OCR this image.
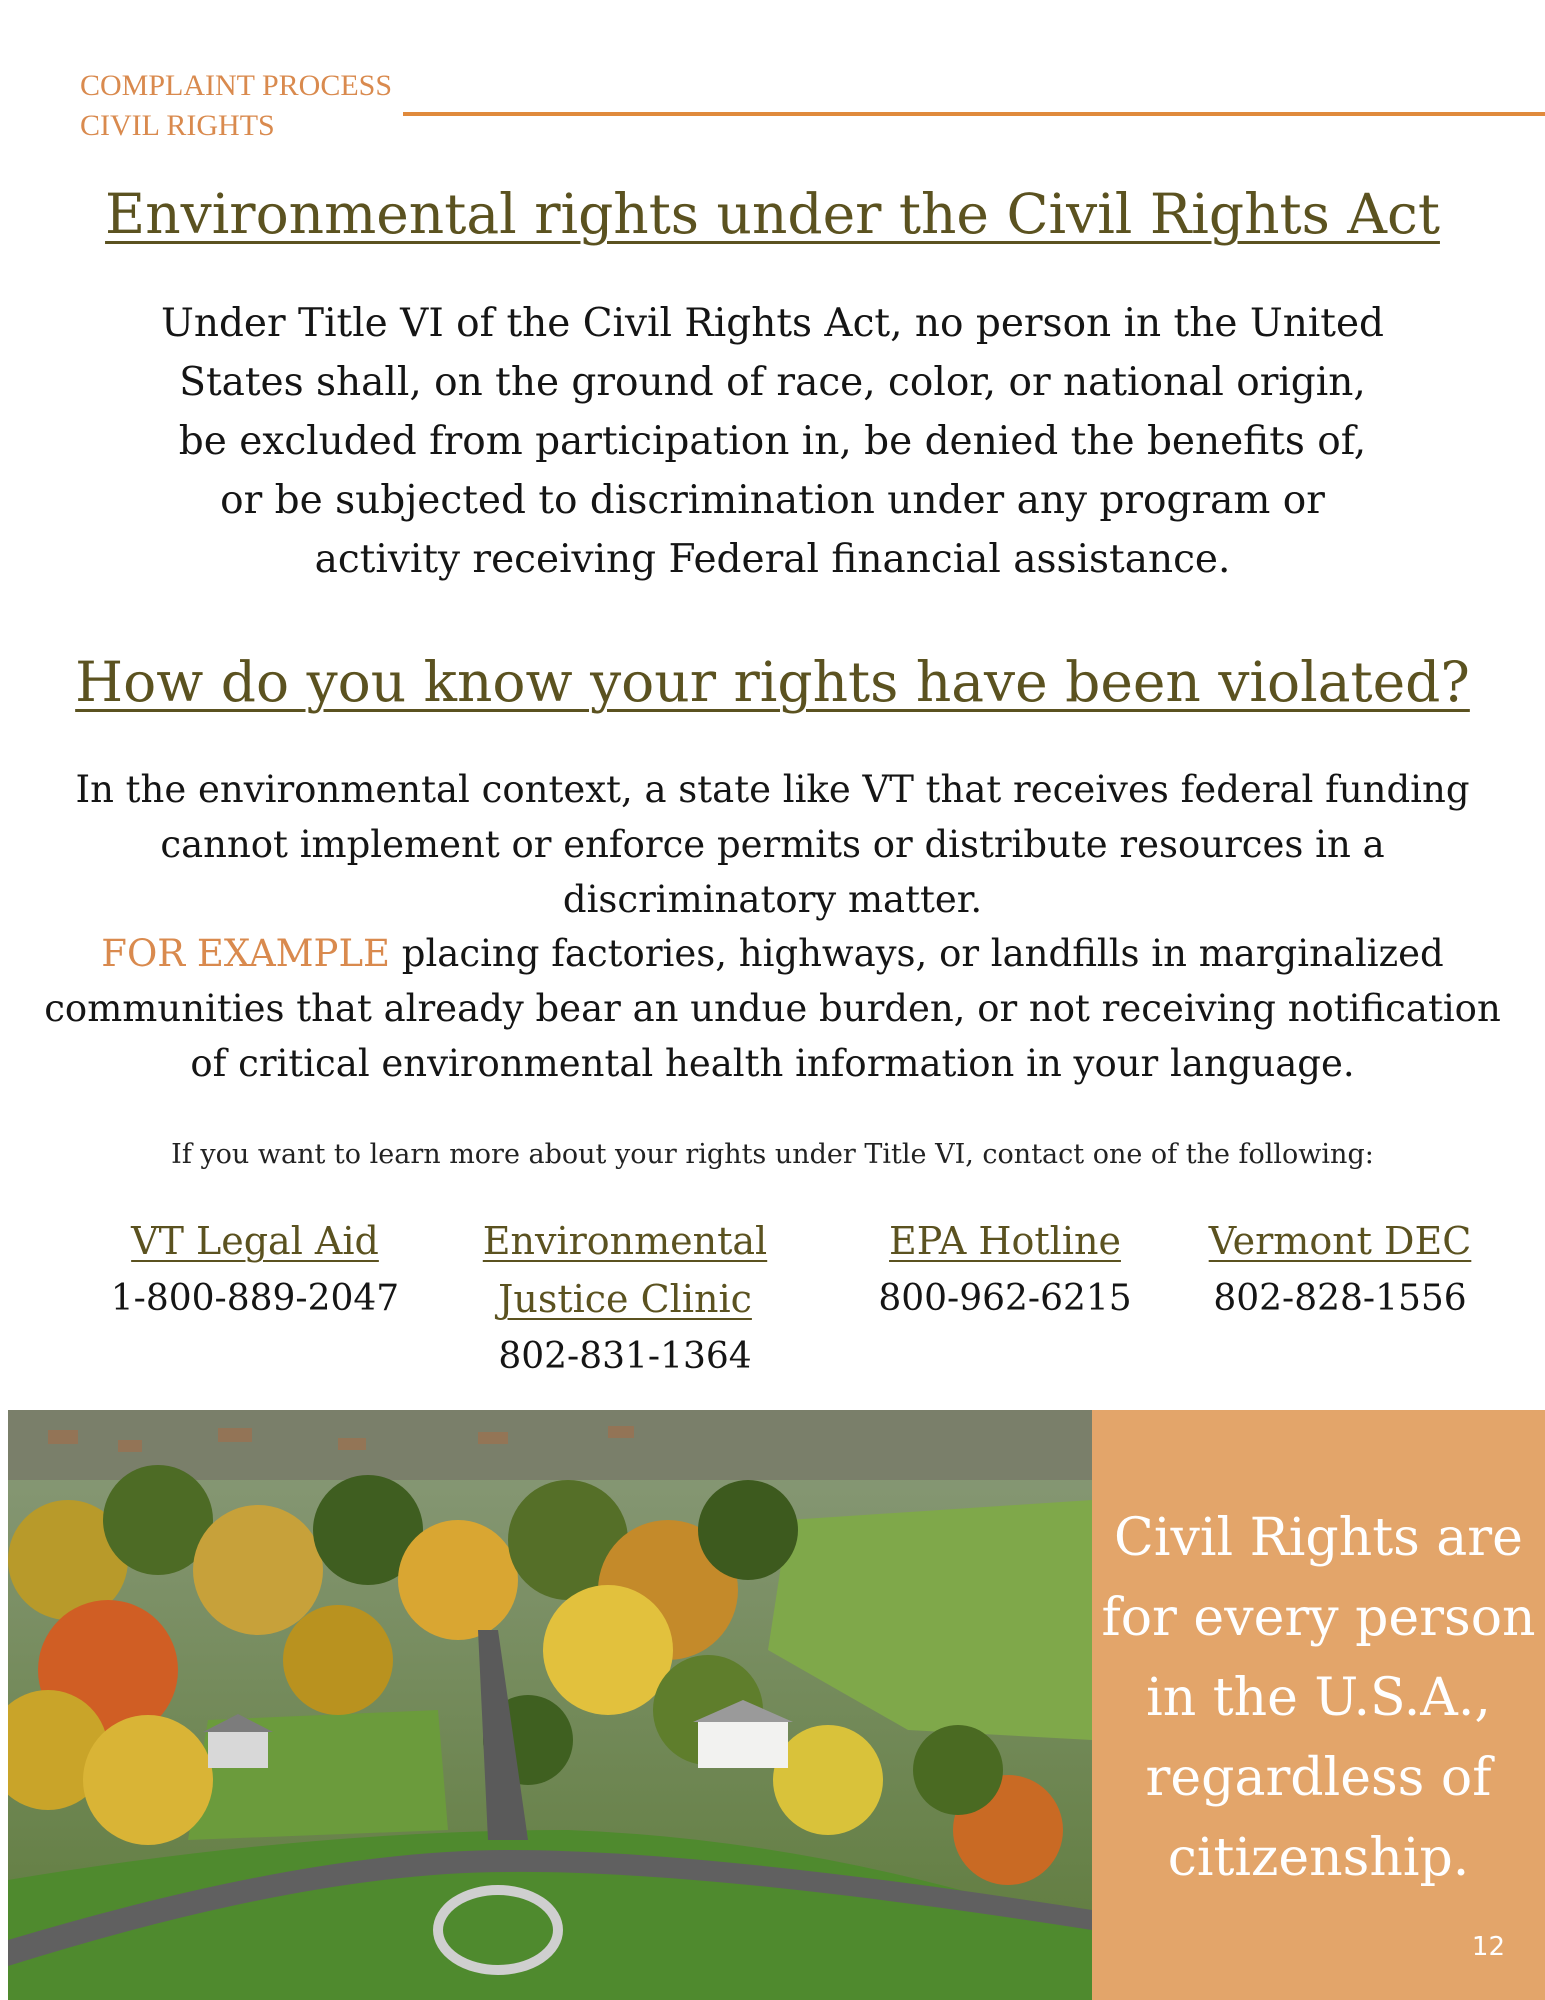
COMPLAINT PROCESS
CIVIL RIGHTS
Environmental rights under the Civil Rights Act
Under Title VI of the Civil Rights Act, no person in the United States shall, on the ground of race, color, or national origin, be excluded from participation in, be denied the benefits of, or be subjected to discrimination under any program or activity receiving Federal financial assistance.
How do you know your rights have been violated?
In the environmental context, a state like VT that receives federal funding cannot implement or enforce permits or distribute resources in a discriminatory matter.
FOR EXAMPLE placing factories, highways, or landfills in marginalized communities that already bear an undue burden, or not receiving notification of critical environmental health information in your language.
If you want to learn more about your rights under Title VI, contact one of the following:
VT Legal Aid
1-800-889-2047
Environmental
Justice Clinic
802-831-1364
EPA Hotline
800-962-6215
Vermont DEC
802-828-1556
Civil Rights are for every person in the U.S.A., regardless of citizenship.
12
